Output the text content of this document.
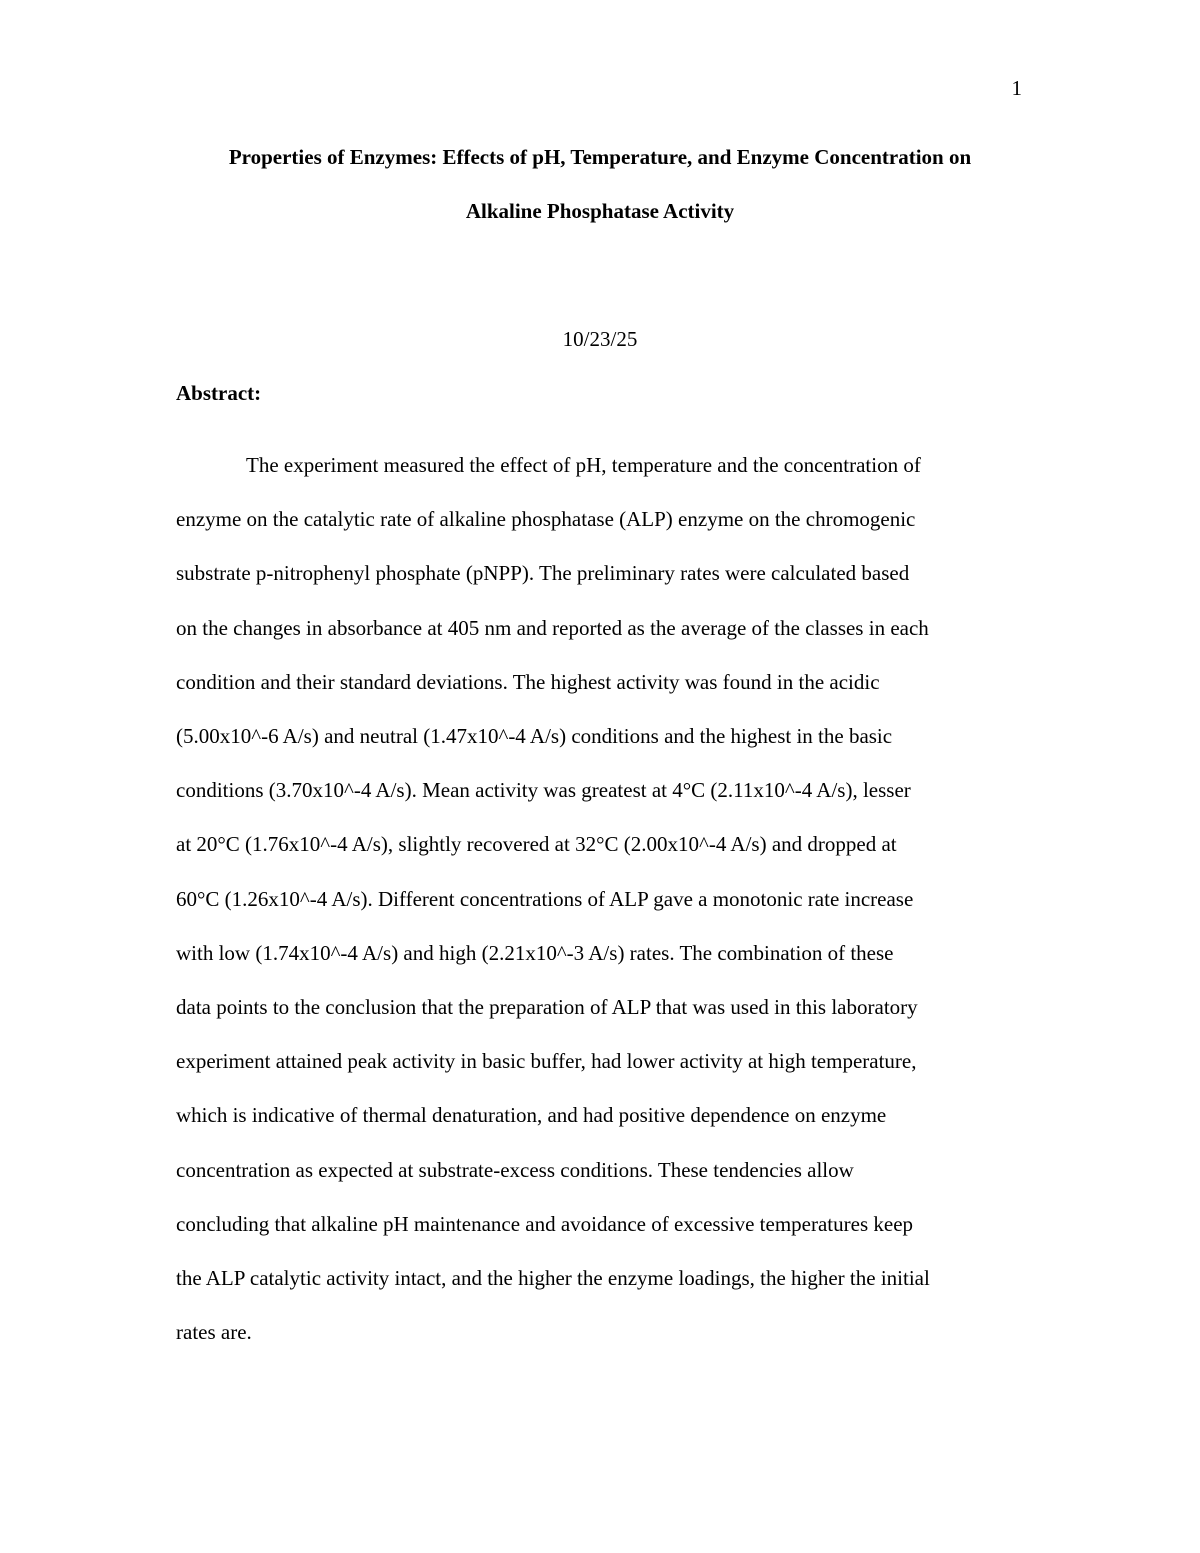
1
Properties of Enzymes: Effects of pH, Temperature, and Enzyme Concentration on
Alkaline Phosphatase Activity
10/23/25
Abstract:

The experiment measured the effect of pH, temperature and the concentration of
enzyme on the catalytic rate of alkaline phosphatase (ALP) enzyme on the chromogenic
substrate p-nitrophenyl phosphate (pNPP). The preliminary rates were calculated based
on the changes in absorbance at 405 nm and reported as the average of the classes in each
condition and their standard deviations. The highest activity was found in the acidic
(5.00x10^-6 A/s) and neutral (1.47x10^-4 A/s) conditions and the highest in the basic
conditions (3.70x10^-4 A/s). Mean activity was greatest at 4°C (2.11x10^-4 A/s), lesser
at 20°C (1.76x10^-4 A/s), slightly recovered at 32°C (2.00x10^-4 A/s) and dropped at
60°C (1.26x10^-4 A/s). Different concentrations of ALP gave a monotonic rate increase
with low (1.74x10^-4 A/s) and high (2.21x10^-3 A/s) rates. The combination of these
data points to the conclusion that the preparation of ALP that was used in this laboratory
experiment attained peak activity in basic buffer, had lower activity at high temperature,
which is indicative of thermal denaturation, and had positive dependence on enzyme
concentration as expected at substrate-excess conditions. These tendencies allow
concluding that alkaline pH maintenance and avoidance of excessive temperatures keep
the ALP catalytic activity intact, and the higher the enzyme loadings, the higher the initial
rates are.
